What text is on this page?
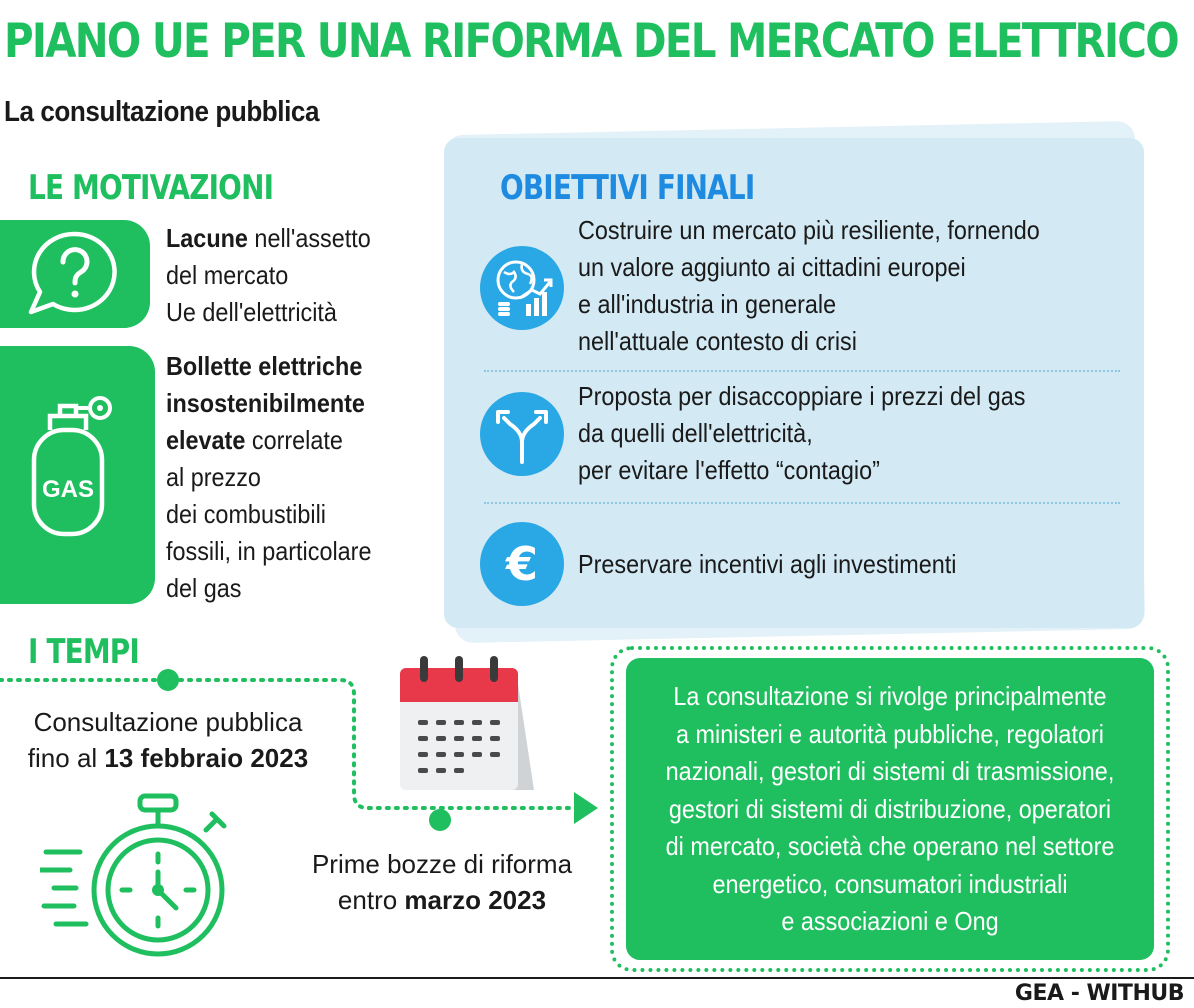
PIANO UE PER UNA RIFORMA DEL MERCATO ELETTRICO
La consultazione pubblica
LE MOTIVAZIONI
Lacune nell'assetto
del mercato
Ue dell'elettricità
GAS
Bollette elettriche
insostenibilmente
elevate correlate
al prezzo
dei combustibili
fossili, in particolare
del gas
OBIETTIVI FINALI
Costruire un mercato più resiliente, fornendo
un valore aggiunto ai cittadini europei
e all'industria in generale
nell'attuale contesto di crisi
Proposta per disaccoppiare i prezzi del gas
da quelli dell'elettricità,
per evitare l'effetto “contagio”
€ Preservare incentivi agli investimenti
I TEMPI
Consultazione pubblica
fino al 13 febbraio 2023
Prime bozze di riforma
entro marzo 2023
La consultazione si rivolge principalmente
a ministeri e autorità pubbliche, regolatori
nazionali, gestori di sistemi di trasmissione,
gestori di sistemi di distribuzione, operatori
di mercato, società che operano nel settore
energetico, consumatori industriali
e associazioni e Ong
GEA - WITHUB
